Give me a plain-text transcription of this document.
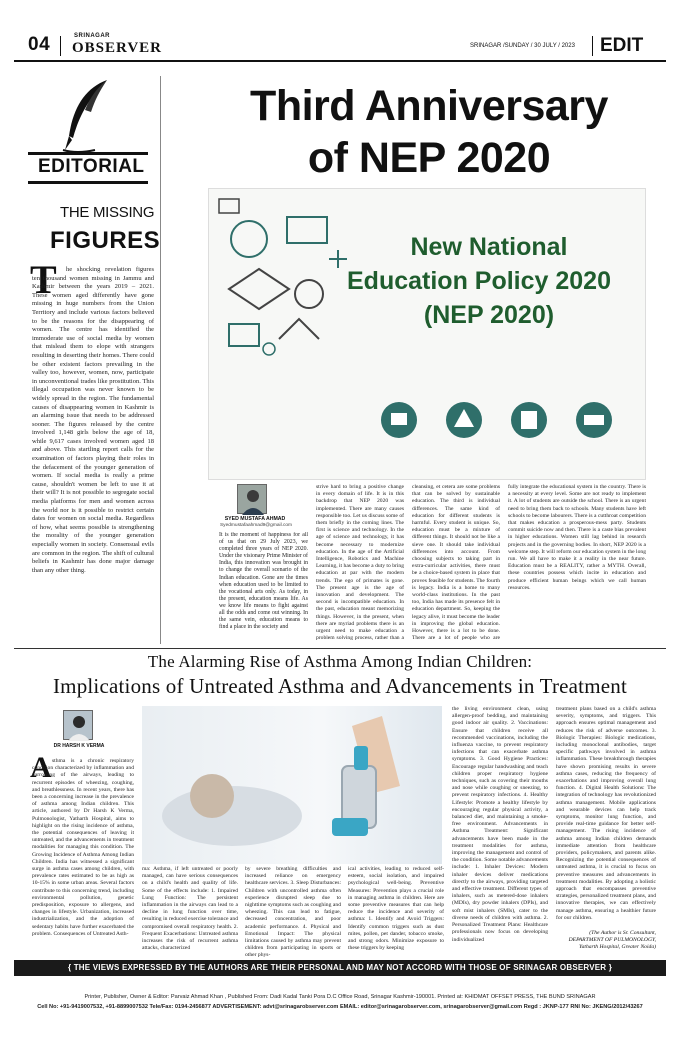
04	SRINAGAR
OBSERVER	SRINAGAR /SUNDAY / 30 JULY / 2023 EDIT
EDITORIAL
THE MISSING
FIGURES
T	he shocking revelation figures ten thousand women missing in Jammu and Kashmir between the years 2019 – 2021. These women aged differently have gone missing in huge numbers from the Union Territory and include various factors believed to be the reasons for the disappearing of women. The centre has identified the immoderate use of social media by women that mislead them to elope with strangers resulting in deserting their homes. There could be other existent factors prevailing in the valley too, however, women, now, participate in unconventional trades like prostitution. This illegal occupation was never known to be widely spread in the region. The fundamental causes of disappearing women in Kashmir is an alarming issue that needs to be addressed sooner. The figures released by the centre involved 1,148 girls below the age of 18, while 9,617 cases involved women aged 18 and above. This startling report calls for the examination of factors playing their roles in the defacement of the younger generation of women. If social media is really a prime cause, shouldn't women be left to use it at their will? It is not possible to segregate social media platforms for men and women across the world nor is it possible to restrict certain dates for women on social media. Regardless of how, what seems possible is strengthening the morality of the younger generation especially women in society. Consensual evils are common in the region. The shift of cultural beliefs in Kashmir has done major damage than any other thing.

Third Anniversary
of NEP 2020
New National
Education Policy 2020
(NEP 2020)
SYED MUSTAFA AHMAD
Syedmustafaahmad9@gmail.com

It is the moment of happiness for all of us that on 29 July 2023, we completed three years of NEP 2020. Under the visionary Prime Minister of India, this innovation was brought in to change the overall scenario of the Indian education. Gone are the times when education used to be limited to the vocational arts only. As today, in the present, education means life. As we know life means to fight against all the odds and come out winning. In the same vein, education means to find a place in the society and

strive hard to bring a positive change in every domain of life. It is in this backdrop that NEP 2020 was implemented. There are many causes responsible too. Let us discuss some of them briefly in the coming lines. The first is science and technology. In the age of science and technology, it has become necessary to modernize education. In the age of the Artificial Intelligence, Robotics and Machine Learning, it has become a duty to bring education at par with the modern trends. The ego of primates is gone. The present age is the age of innovation and development. The second is incompatible education. In the past, education meant memorizing things. However, in the present, when there are myriad problems there is an urgent need to make education a problem solving process, rather than a

cleansing, et cetera are some problems that can be solved by sustainable education. The third is individual differences. The same kind of education for different students is harmful. Every student is unique. So, education must be a mixture of different things. It should not be like a sieve one. It should take individual differences into account. From choosing subjects to taking part in extra-curricular activities, there must be a choice-based system in place that proves feasible for students. The fourth is legacy. India is a home to many world-class institutions. In the past too, India has made its presence felt in education department. So, keeping the legacy alive, it must become the leader in improving the global education. However, there is a lot to be done. There are a lot of people who are

fully integrate the educational system in the country. There is a necessity at every level. Some are not ready to implement it. A lot of students are outside the school. There is an urgent need to bring them back to schools. Many students have left schools to become labourers. There is a cutthroat competition that makes education a prosperous-mess party. Students commit suicide now and then. There is a caste bias prevalent in higher educations. Women still lag behind in research projects and in the governing bodies. In short, NEP 2020 is a welcome step. It will reform our education system in the long run. We all have to make it a reality in the near future. Education must be a REALITY, rather a MYTH. Overall, these countries possess which incite in education and produce efficient human beings which we call human resources.

The Alarming Rise of Asthma Among Indian Children:
Implications of Untreated Asthma and Advancements in Treatment
DR HARSH K VERMA
A sthma is a chronic respiratory condition characterized by inflammation and narrowing of the airways, leading to recurrent episodes of wheezing, coughing, and breathlessness. In recent years, there has been a concerning increase in the prevalence of asthma among Indian children. This article, authored by Dr Harsh K Verma, Pulmonologist, Yatharth Hospital, aims to highlight on the rising incidence of asthma, the potential consequences of leaving it untreated, and the advancements in treatment modalities for managing this condition. The Growing Incidence of Asthma Among Indian Children. India has witnessed a significant surge in asthma cases among children, with prevalence rates estimated to be as high as 10-15% in some urban areas. Several factors contribute to this concerning trend, including environmental pollution, genetic predisposition, exposure to allergens, and changes in lifestyle. Urbanization, increased industrialization, and the adoption of sedentary habits have further exacerbated the problem. Consequences of Untreated Asth-

ma: Asthma, if left untreated or poorly managed, can have serious consequences on a child's health and quality of life. Some of the effects include: 1. Impaired Lung Function: The persistent inflammation in the airways can lead to a decline in lung function over time, resulting in reduced exercise tolerance and compromised overall respiratory health. 2. Frequent Exacerbations: Untreated asthma increases the risk of recurrent asthma attacks, characterized

by severe breathing difficulties and increased reliance on emergency healthcare services. 3. Sleep Disturbances: Children with uncontrolled asthma often experience disrupted sleep due to nighttime symptoms such as coughing and wheezing. This can lead to fatigue, decreased concentration, and poor academic performance. 4. Physical and Emotional Impact: The physical limitations caused by asthma may prevent children from participating in sports or other phys-

ical activities, leading to reduced self-esteem, social isolation, and impaired psychological well-being. Preventive Measures: Prevention plays a crucial role in managing asthma in children. Here are some preventive measures that can help reduce the incidence and severity of asthma: 1. Identify and Avoid Triggers: Identify common triggers such as dust mites, pollen, pet dander, tobacco smoke, and strong odors. Minimize exposure to these triggers by keeping

the living environment clean, using allergen-proof bedding, and maintaining good indoor air quality. 2. Vaccinations: Ensure that children receive all recommended vaccinations, including the influenza vaccine, to prevent respiratory infections that can exacerbate asthma symptoms. 3. Good Hygiene Practices: Encourage regular handwashing and teach children proper respiratory hygiene techniques, such as covering their mouths and nose while coughing or sneezing, to prevent respiratory infections. 4. Healthy Lifestyle: Promote a healthy lifestyle by encouraging regular physical activity, a balanced diet, and maintaining a smoke-free environment. Advancements in Asthma Treatment: Significant advancements have been made in the treatment modalities for asthma, improving the management and control of the condition. Some notable advancements include: 1. Inhaler Devices: Modern inhaler devices deliver medications directly to the airways, providing targeted and effective treatment. Different types of inhalers, such as metered-dose inhalers (MDIs), dry powder inhalers (DPIs), and soft mist inhalers (SMIs), cater to the diverse needs of children with asthma. 2. Personalized Treatment Plans: Healthcare professionals now focus on developing individualized

treatment plans based on a child's asthma severity, symptoms, and triggers. This approach ensures optimal management and reduces the risk of adverse outcomes. 3. Biologic Therapies: Biologic medications, including monoclonal antibodies, target specific pathways involved in asthma inflammation. These breakthrough therapies have shown promising results in severe asthma cases, reducing the frequency of exacerbations and improving overall lung function. 4. Digital Health Solutions: The integration of technology has revolutionized asthma management. Mobile applications and wearable devices can help track symptoms, monitor lung function, and provide real-time guidance for better self-management. The rising incidence of asthma among Indian children demands immediate attention from healthcare providers, policymakers, and parents alike. Recognizing the potential consequences of untreated asthma, it is crucial to focus on preventive measures and advancements in treatment modalities. By adopting a holistic approach that encompasses preventive strategies, personalized treatment plans, and innovative therapies, we can effectively manage asthma, ensuring a healthier future for our children.

(The Author is Sr. Consultant, DEPARTMENT OF PULMONOLOGY, Yatharth Hospital, Greater Noida)
{ THE VIEWS EXPRESSED BY THE AUTHORS ARE THEIR PERSONAL AND MAY NOT ACCORD WITH THOSE OF SRINAGAR OBSERVER }
Printer, Publisher, Owner & Editor: Parvaiz Ahmad Khan , Published From: Dadi Kadal Tanki Pora D.C Office Road, Srinagar Kashmir-190001. Printed at: KHIDMAT OFFSET PRESS, THE BUND SRINAGAR
Cell No: +91-9419007532, +91-8899007532 Tele/Fax: 0194-2456877 ADVERTISEMENT: advt@srinagarobserver.com EMAIL: editor@srinagarobserver.com, srinagarobserver@gmail.com Regd : JKNP-177 RNI No: JKENG/2012/43267
